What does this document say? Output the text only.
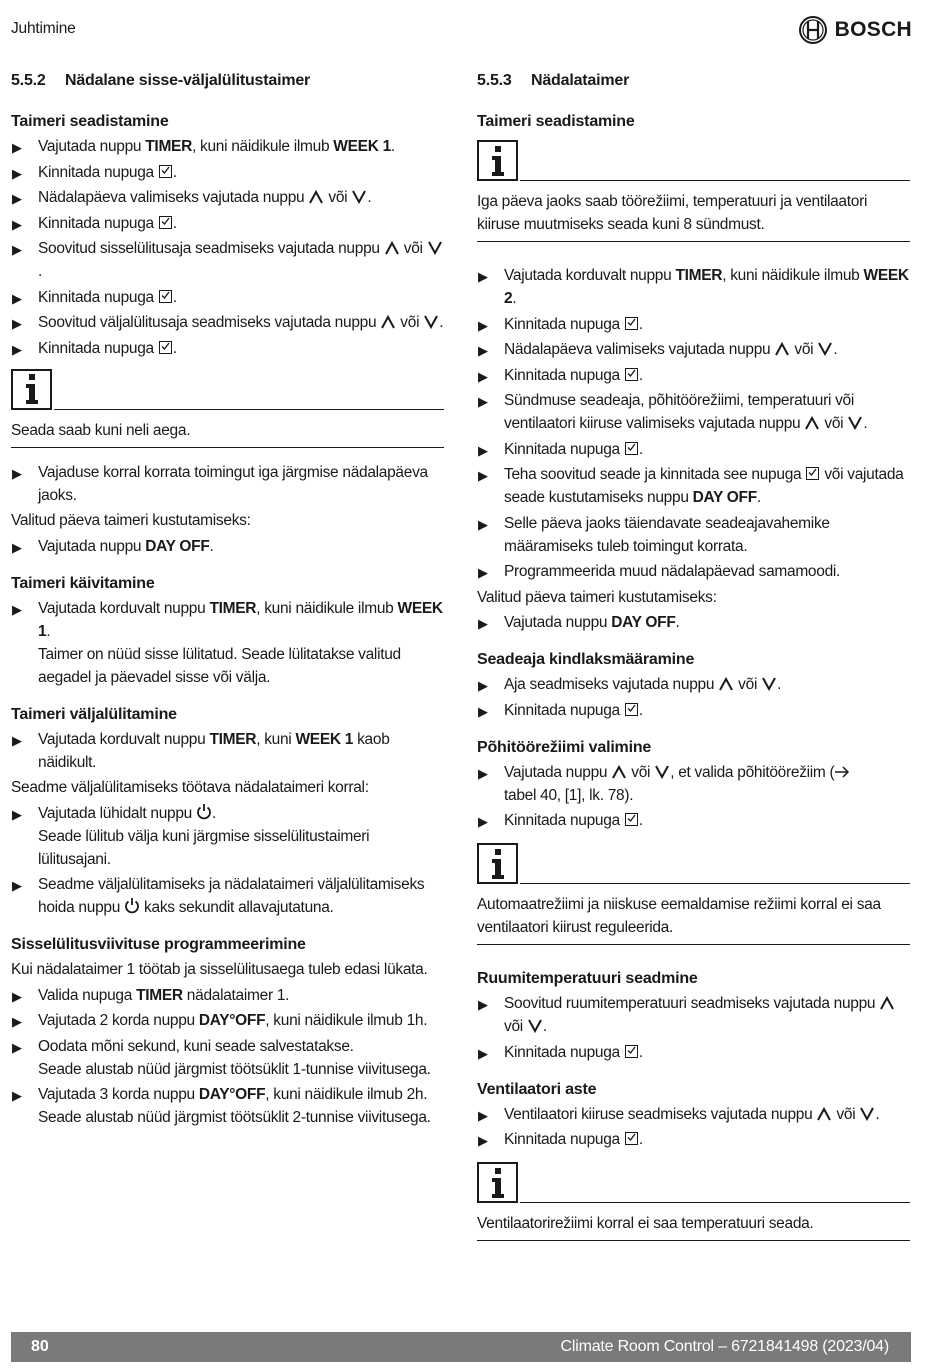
Juhtimine	BOSCH
5.5.2	Nädalane sisse-väljalülitustaimer
Taimeri seadistamine
▶ Vajutada nuppu TIMER, kuni näidikule ilmub WEEK 1.
▶ Kinnitada nupuga
.
▶ Nädalapäeva valimiseks vajutada nuppu  või .
▶ Kinnitada nupuga
.
▶ Soovitud sisselülitusaja seadmiseks vajutada nuppu  või .
▶ Kinnitada nupuga
.
▶ Soovitud väljalülitusaja seadmiseks vajutada nuppu  või .
▶ Kinnitada nupuga
.
Seada saab kuni neli aega.
▶ Vajaduse korral korrata toimingut iga järgmise nädalapäeva jaoks.
Valitud päeva taimeri kustutamiseks:
▶ Vajutada nuppu DAY OFF.
Taimeri käivitamine
▶ Vajutada korduvalt nuppu TIMER, kuni näidikule ilmub WEEK 1.
Taimer on nüüd sisse lülitatud. Seade lülitatakse valitud aegadel ja päevadel sisse või välja.
Taimeri väljalülitamine
▶ Vajutada korduvalt nuppu TIMER, kuni WEEK 1 kaob näidikult.
Seadme väljalülitamiseks töötava nädalataimeri korral:
▶ Vajutada lühidalt nuppu .
Seade lülitub välja kuni järgmise sisselülitustaimeri lülitusajani.
▶ Seadme väljalülitamiseks ja nädalataimeri väljalülitamiseks hoida nuppu  kaks sekundit allavajutatuna.
Sisselülitusviivituse programmeerimine
Kui nädalataimer 1 töötab ja sisselülitusaega tuleb edasi lükata.
▶ Valida nupuga TIMER nädalataimer 1.
▶ Vajutada 2 korda nuppu DAY°OFF, kuni näidikule ilmub 1h.
▶ Oodata mõni sekund, kuni seade salvestatakse.
Seade alustab nüüd järgmist töötsüklit 1-tunnise viivitusega.
▶ Vajutada 3 korda nuppu DAY°OFF, kuni näidikule ilmub 2h.
Seade alustab nüüd järgmist töötsüklit 2-tunnise viivitusega.
5.5.3	Nädalataimer
Taimeri seadistamine
Iga päeva jaoks saab töörežiimi, temperatuuri ja ventilaatori kiiruse muutmiseks seada kuni 8 sündmust.
▶ Vajutada korduvalt nuppu TIMER, kuni näidikule ilmub WEEK 2.
▶ Kinnitada nupuga
.
▶ Nädalapäeva valimiseks vajutada nuppu  või .
▶ Kinnitada nupuga
.
▶ Sündmuse seadeaja, põhitöörežiimi, temperatuuri või ventilaatori kiiruse valimiseks vajutada nuppu  või .
▶ Kinnitada nupuga
.
▶ Teha soovitud seade ja kinnitada see nupuga
või vajutada seade kustutamiseks nuppu DAY OFF.
▶ Selle päeva jaoks täiendavate seadeajavahemike määramiseks tuleb toimingut korrata.
▶ Programmeerida muud nädalapäevad samamoodi.
Valitud päeva taimeri kustutamiseks:
▶ Vajutada nuppu DAY OFF.
Seadeaja kindlaksmääramine
▶ Aja seadmiseks vajutada nuppu  või .
▶ Kinnitada nupuga
.
Põhitöörežiimi valimine
▶ Vajutada nuppu  või , et valida põhitöörežiim (
tabel 40, [1], lk. 78).
▶ Kinnitada nupuga
.
Automaatrežiimi ja niiskuse eemaldamise režiimi korral ei saa ventilaatori kiirust reguleerida.
Ruumitemperatuuri seadmine
▶ Soovitud ruumitemperatuuri seadmiseks vajutada nuppu  või .
▶ Kinnitada nupuga
.
Ventilaatori aste
▶ Ventilaatori kiiruse seadmiseks vajutada nuppu  või .
▶ Kinnitada nupuga
.
Ventilaatorirežiimi korral ei saa temperatuuri seada.
80	Climate Room Control – 6721841498 (2023/04)
